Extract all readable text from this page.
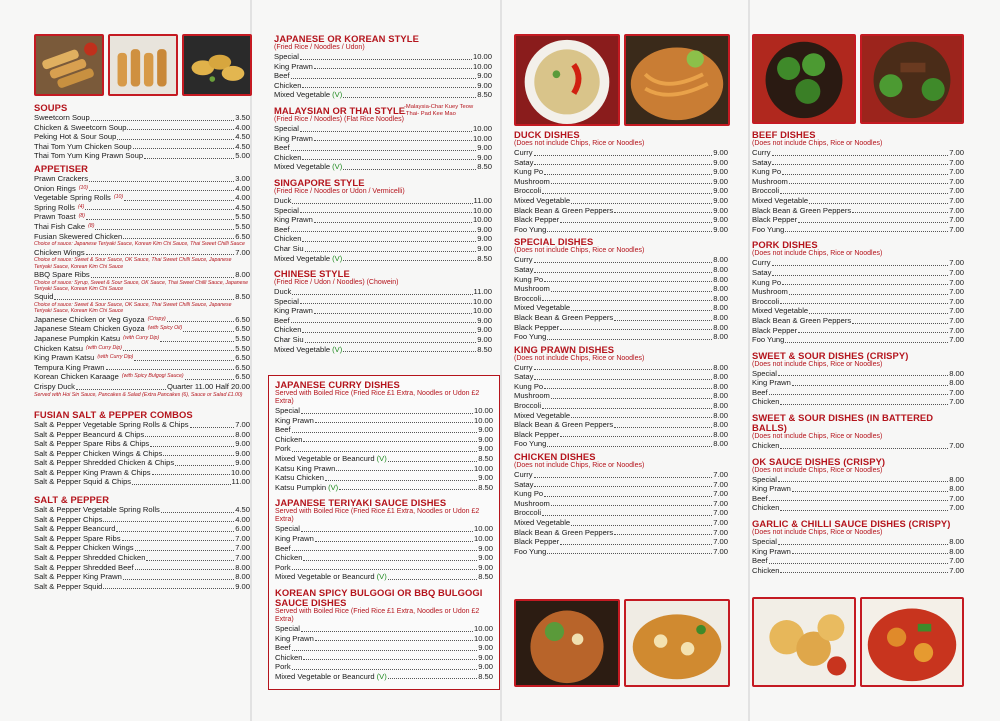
SOUPS
Sweetcorn Soup	3.50
Chicken & Sweetcorn Soup	4.00
Peking Hot & Sour Soup	4.50
Thai Tom Yum Chicken Soup	4.50
Thai Tom Yum King Prawn Soup	5.00
APPETISER
Prawn Crackers	3.00
Onion Rings (10)	4.00
Vegetable Spring Rolls (10)	4.00
Spring Rolls (4)	4.50
Prawn Toast (8)	5.50
Thai Fish Cake (8)	5.50
Fusian Skewered Chicken	6.50
Choice of sauce: Japanese Teriyaki Sauce, Korean Kim Chi Sauce, Thai Sweet Chilli Sauce
Chicken Wings	7.00
Choice of sauce: Sweet & Sour Sauce, OK Sauce, Thai Sweet Chilli Sauce, Japanese Teriyaki Sauce, Korean Kim Chi Sauce
BBQ Spare Ribs	8.00
Choice of sauce: Syrup, Sweet & Sour Sauce, OK Sauce, Thai Sweet Chilli Sauce, Japanese Teriyaki Sauce, Korean Kim Chi Sauce
Squid	8.50
Choice of sauce: Sweet & Sour Sauce, OK Sauce, Thai Sweet Chilli Sauce, Japanese Teriyaki Sauce, Korean Kim Chi Sauce
Japanese Chicken or Veg Gyoza (Crispy)	6.50
Japanese Steam Chicken Gyoza (with Spicy Oil)	6.50
Japanese Pumpkin Katsu (with Curry Dip)	5.50
Chicken Katsu (with Curry Dip)	5.50
King Prawn Katsu (with Curry Dip)	6.50
Tempura King Prawn	6.50
Korean Chicken Karaage (with Spicy Bulgogi Sauce)	6.50
Crispy Duck	Quarter 11.00 Half 20.00
Served with Hoi Sin Sauce, Pancakes & Salad (Extra Pancakes (6), Sauce or Salad £1.00)
FUSIAN SALT & PEPPER COMBOS
Salt & Pepper Vegetable Spring Rolls & Chips	7.00
Salt & Pepper Beancurd & Chips	8.00
Salt & Pepper Spare Ribs & Chips	9.00
Salt & Pepper Chicken Wings & Chips	9.00
Salt & Pepper Shredded Chicken & Chips	9.00
Salt & Pepper King Prawn & Chips	10.00
Salt & Pepper Squid & Chips	11.00
SALT & PEPPER
Salt & Pepper Vegetable Spring Rolls	4.50
Salt & Pepper Chips	4.00
Salt & Pepper Beancurd	6.00
Salt & Pepper Spare Ribs	7.00
Salt & Pepper Chicken Wings	7.00
Salt & Pepper Shredded Chicken	7.00
Salt & Pepper Shredded Beef	8.00
Salt & Pepper King Prawn	8.00
Salt & Pepper Squid	9.00
JAPANESE OR KOREAN STYLE
(Fried Rice / Noodles / Udon)
Special	10.00
King Prawn	10.00
Beef	9.00
Chicken	9.00
Mixed Vegetable (V)	8.50
MALAYSIAN OR THAI STYLE
(Fried Rice / Noodles) (Flat Rice Noodles)
-Malaysia-Char Kuey Teow
-Thai- Pad Kee Mao
Special	10.00
King Prawn	10.00
Beef	9.00
Chicken	9.00
Mixed Vegetable (V)	8.50
SINGAPORE STYLE
(Fried Rice / Noodles or Udon / Vermicelli)
Duck	11.00
Special	10.00
King Prawn	10.00
Beef	9.00
Chicken	9.00
Char Siu	9.00
Mixed Vegetable (V)	8.50
CHINESE STYLE
(Fried Rice / Udon / Noodles) (Chowein)
Duck	11.00
Special	10.00
King Prawn	10.00
Beef	9.00
Chicken	9.00
Char Siu	9.00
Mixed Vegetable (V)	8.50
JAPANESE CURRY DISHES
Served with Boiled Rice (Fried Rice £1 Extra, Noodles or Udon £2 Extra)
Special	10.00
King Prawn	10.00
Beef	9.00
Chicken	9.00
Pork	9.00
Mixed Vegetable or Beancurd (V)	8.50
Katsu King Prawn	10.00
Katsu Chicken	9.00
Katsu Pumpkin (V)	8.50
JAPANESE TERIYAKI SAUCE DISHES
Served with Boiled Rice (Fried Rice £1 Extra, Noodles or Udon £2 Extra)
Special	10.00
King Prawn	10.00
Beef	9.00
Chicken	9.00
Pork	9.00
Mixed Vegetable or Beancurd (V)	8.50
KOREAN SPICY BULGOGI OR BBQ BULGOGI SAUCE DISHES
Served with Boiled Rice (Fried Rice £1 Extra, Noodles or Udon £2 Extra)
Special	10.00
King Prawn	10.00
Beef	9.00
Chicken	9.00
Pork	9.00
Mixed Vegetable or Beancurd (V)	8.50
DUCK DISHES
(Does not include Chips, Rice or Noodles)
Curry	9.00
Satay	9.00
Kung Po	9.00
Mushroom	9.00
Broccoli	9.00
Mixed Vegetable	9.00
Black Bean & Green Peppers	9.00
Black Pepper	9.00
Foo Yung	9.00
SPECIAL DISHES
(Does not include Chips, Rice or Noodles)
Curry	8.00
Satay	8.00
Kung Po	8.00
Mushroom	8.00
Broccoli	8.00
Mixed Vegetable	8.00
Black Bean & Green Peppers	8.00
Black Pepper	8.00
Foo Yung	8.00
KING PRAWN DISHES
(Does not include Chips, Rice or Noodles)
Curry	8.00
Satay	8.00
Kung Po	8.00
Mushroom	8.00
Broccoli	8.00
Mixed Vegetable	8.00
Black Bean & Green Peppers	8.00
Black Pepper	8.00
Foo Yung	8.00
CHICKEN DISHES
(Does not include Chips, Rice or Noodles)
Curry	7.00
Satay	7.00
Kung Po	7.00
Mushroom	7.00
Broccoli	7.00
Mixed Vegetable	7.00
Black Bean & Green Peppers	7.00
Black Pepper	7.00
Foo Yung	7.00
BEEF DISHES
(Does not include Chips, Rice or Noodles)
Curry	7.00
Satay	7.00
Kung Po	7.00
Mushroom	7.00
Broccoli	7.00
Mixed Vegetable	7.00
Black Bean & Green Peppers	7.00
Black Pepper	7.00
Foo Yung	7.00
PORK DISHES
(Does not include Chips, Rice or Noodles)
Curry	7.00
Satay	7.00
Kung Po	7.00
Mushroom	7.00
Broccoli	7.00
Mixed Vegetable	7.00
Black Bean & Green Peppers	7.00
Black Pepper	7.00
Foo Yung	7.00
SWEET & SOUR DISHES (CRISPY)
(Does not include Chips, Rice or Noodles)
Special	8.00
King Prawn	8.00
Beef	7.00
Chicken	7.00
SWEET & SOUR DISHES (IN BATTERED BALLS)
(Does not include Chips, Rice or Noodles)
Chicken	7.00
OK SAUCE DISHES (CRISPY)
(Does not include Chips, Rice or Noodles)
Special	8.00
King Prawn	8.00
Beef	7.00
Chicken	7.00
GARLIC & CHILLI SAUCE DISHES (CRISPY)
(Does not include Chips, Rice or Noodles)
Special	8.00
King Prawn	8.00
Beef	7.00
Chicken	7.00
